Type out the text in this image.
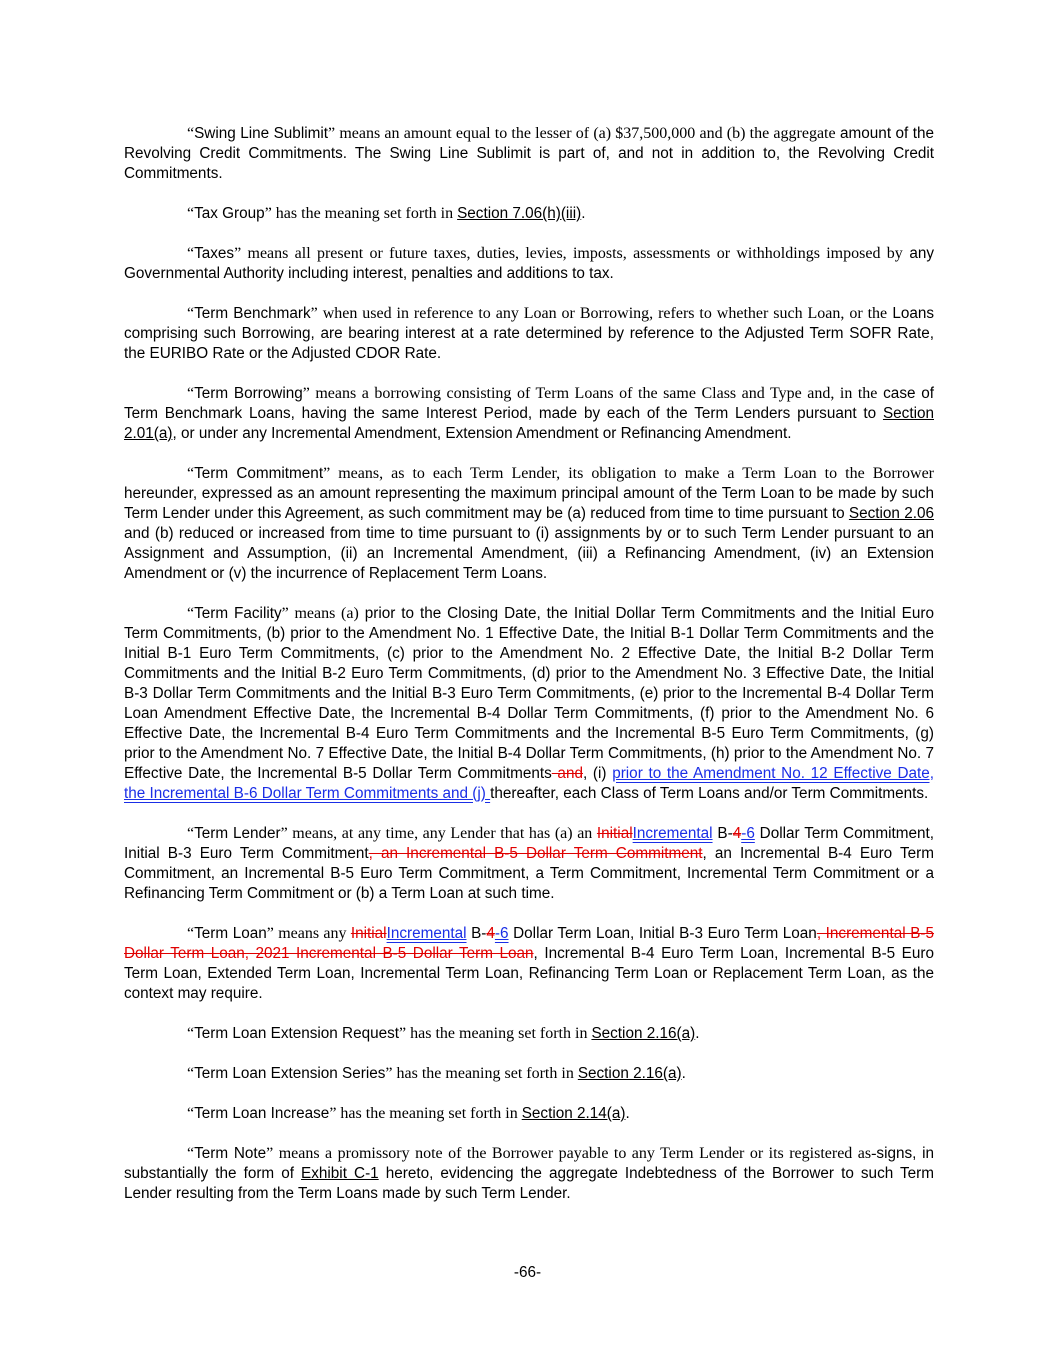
“Swing Line Sublimit” means an amount equal to the lesser of (a) $37,500,000 and (b) the aggregate amount of the Revolving Credit Commitments. The Swing Line Sublimit is part of, and not in addition to, the Revolving Credit Commitments.

“Tax Group” has the meaning set forth in Section 7.06(h)(iii).

“Taxes” means all present or future taxes, duties, levies, imposts, assessments or withholdings imposed by any Governmental Authority including interest, penalties and additions to tax.

“Term Benchmark” when used in reference to any Loan or Borrowing, refers to whether such Loan, or the Loans comprising such Borrowing, are bearing interest at a rate determined by reference to the Adjusted Term SOFR Rate, the EURIBO Rate or the Adjusted CDOR Rate.

“Term Borrowing” means a borrowing consisting of Term Loans of the same Class and Type and, in the case of Term Benchmark Loans, having the same Interest Period, made by each of the Term Lenders pursuant to Section 2.01(a), or under any Incremental Amendment, Extension Amendment or Refinancing Amendment.

“Term Commitment” means, as to each Term Lender, its obligation to make a Term Loan to the Borrower hereunder, expressed as an amount representing the maximum principal amount of the Term Loan to be made by such Term Lender under this Agreement, as such commitment may be (a) reduced from time to time pursuant to Section 2.06 and (b) reduced or increased from time to time pursuant to (i) assignments by or to such Term Lender pursuant to an Assignment and Assumption, (ii) an Incremental Amendment, (iii) a Refinancing Amendment, (iv) an Extension Amendment or (v) the incurrence of Replacement Term Loans.

“Term Facility” means (a) prior to the Closing Date, the Initial Dollar Term Commitments and the Initial Euro Term Commitments, (b) prior to the Amendment No. 1 Effective Date, the Initial B-1 Dollar Term Commitments and the Initial B-1 Euro Term Commitments, (c) prior to the Amendment No. 2 Effective Date, the Initial B-2 Dollar Term Commitments and the Initial B-2 Euro Term Commitments, (d) prior to the Amendment No. 3 Effective Date, the Initial B-3 Dollar Term Commitments and the Initial B-3 Euro Term Commitments, (e) prior to the Incremental B-4 Dollar Term Loan Amendment Effective Date, the Incremental B-4 Dollar Term Commitments, (f) prior to the Amendment No. 6 Effective Date, the Incremental B-4 Euro Term Commitments and the Incremental B-5 Euro Term Commitments, (g) prior to the Amendment No. 7 Effective Date, the Initial B-4 Dollar Term Commitments, (h) prior to the Amendment No. 7 Effective Date, the Incremental B-5 Dollar Term Commitments and, (i) prior to the Amendment No. 12 Effective Date, the Incremental B-6 Dollar Term Commitments and (j) thereafter, each Class of Term Loans and/or Term Commitments.

“Term Lender” means, at any time, any Lender that has (a) an InitialIncremental B-4-6 Dollar Term Commitment, Initial B-3 Euro Term Commitment, an Incremental B-5 Dollar Term Commitment, an Incremental B-4 Euro Term Commitment, an Incremental B-5 Euro Term Commitment, a Term Commitment, Incremental Term Commitment or a Refinancing Term Commitment or (b) a Term Loan at such time.

“Term Loan” means any InitialIncremental B-4-6 Dollar Term Loan, Initial B-3 Euro Term Loan, Incremental B-5 Dollar Term Loan, 2021 Incremental B-5 Dollar Term Loan, Incremental B-4 Euro Term Loan, Incremental B-5 Euro Term Loan, Extended Term Loan, Incremental Term Loan, Refinancing Term Loan or Replacement Term Loan, as the context may require.

“Term Loan Extension Request” has the meaning set forth in Section 2.16(a).

“Term Loan Extension Series” has the meaning set forth in Section 2.16(a).

“Term Loan Increase” has the meaning set forth in Section 2.14(a).

“Term Note” means a promissory note of the Borrower payable to any Term Lender or its registered as-signs, in substantially the form of Exhibit C-1 hereto, evidencing the aggregate Indebtedness of the Borrower to such Term Lender resulting from the Term Loans made by such Term Lender.

-66-
